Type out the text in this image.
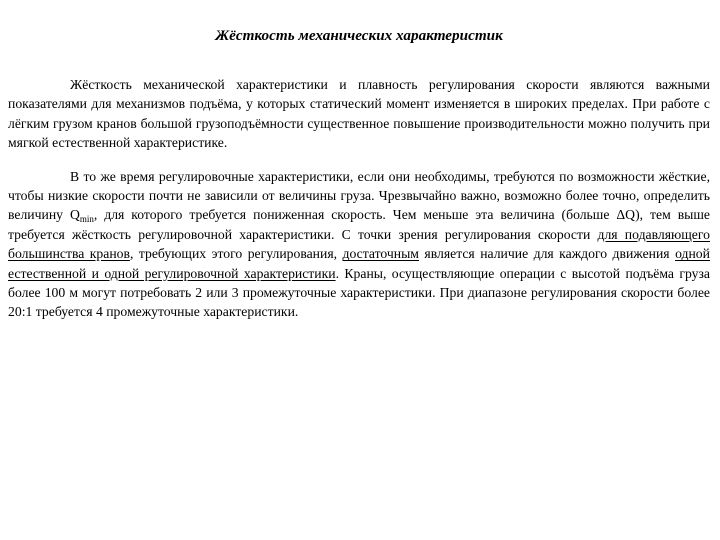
Жёсткость механических характеристик

Жёсткость механической характеристики и плавность регулирования скорости являются важными показателями для механизмов подъёма, у которых статический момент изменяется в широких пределах. При работе с лёгким грузом кранов большой грузоподъёмности существенное повышение производительности можно получить при мягкой естественной характеристике.

В то же время регулировочные характеристики, если они необходимы, требуются по возможности жёсткие, чтобы низкие скорости почти не зависили от величины груза. Чрезвычайно важно, возможно более точно, определить величину $Q_{min}$, для которого требуется пониженная скорость. Чем меньше эта величина (больше ΔQ), тем выше требуется жёсткость регулировочной характеристики. С точки зрения регулирования скорости для подавляющего большинства кранов, требующих этого регулирования, достаточным является наличие для каждого движения одной естественной и одной регулировочной характеристики. Краны, осуществляющие операции с высотой подъёма груза более 100 м могут потребовать 2 или 3 промежуточные характеристики. При диапазоне регулирования скорости более 20:1 требуется 4 промежуточные характеристики.
